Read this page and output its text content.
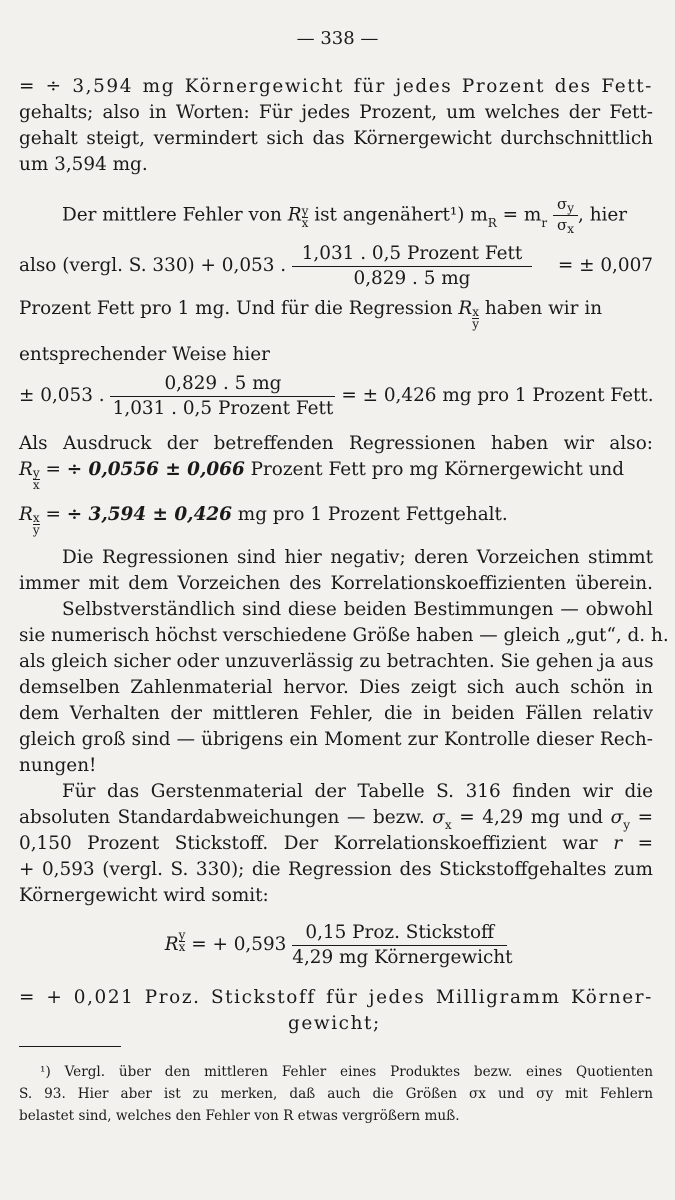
— 338 —
= ÷ 3,594 mg Körnergewicht für jedes Prozent des Fett-
gehalts; also in Worten: Für jedes Prozent, um welches der Fett-
gehalt steigt, vermindert sich das Körnergewicht durchschnittlich
um 3,594 mg.
Der mittlere Fehler von R $\frac{y}{x}$ ist angenähert¹) $m_R = m_r \frac{\sigma_y}{\sigma_x}$ , hier
also (vergl. S. 330) + 0,053 . $\frac{\text{1,031 . 0,5 Prozent Fett}}{0,829 . 5 mg}$ = ± 0,007
Prozent Fett pro 1 mg. Und für die Regression R $\frac{x}{y}$ haben wir in
entsprechender Weise hier
± 0,053 . $\frac{0,829 . 5 mg}{\text{1,031 . 0,5 Prozent Fett}}$ = ± 0,426 mg pro 1 Prozent Fett.
Als Ausdruck der betreffenden Regressionen haben wir also:
R $\frac{y}{x}$ = ÷ 0,0556 ± 0,066 Prozent Fett pro mg Körnergewicht und
R $\frac{x}{y}$ = ÷ 3,594 ± 0,426 mg pro 1 Prozent Fettgehalt.
Die Regressionen sind hier negativ; deren Vorzeichen stimmt
immer mit dem Vorzeichen des Korrelationskoeffizienten überein.
Selbstverständlich sind diese beiden Bestimmungen — obwohl
sie numerisch höchst verschiedene Größe haben — gleich „gut“, d. h.
als gleich sicher oder unzuverlässig zu betrachten. Sie gehen ja aus
demselben Zahlenmaterial hervor. Dies zeigt sich auch schön in
dem Verhalten der mittleren Fehler, die in beiden Fällen relativ
gleich groß sind — übrigens ein Moment zur Kontrolle dieser Rech-
nungen!
Für das Gerstenmaterial der Tabelle S. 316 finden wir die
absoluten Standardabweichungen — bezw. $\sigma_x = 4,29$ mg und $\sigma_y$ =
0,150 Prozent Stickstoff. Der Korrelationskoeffizient war r =
+ 0,593 (vergl. S. 330); die Regression des Stickstoffgehaltes zum
Körnergewicht wird somit:
R $\frac{y}{x}$ = + $0,593 \frac{\text{0,15 Proz. Stickstoff}}{\text{4,29 mg Körnergewicht}}$
= + 0,021 Proz. Stickstoff für jedes Milligramm Körner-
gewicht;
¹) Vergl. über den mittleren Fehler eines Produktes bezw. eines Quotienten
S. 93. Hier aber ist zu merken, daß auch die Größen σx und σy mit Fehlern
belastet sind, welches den Fehler von R etwas vergrößern muß.
